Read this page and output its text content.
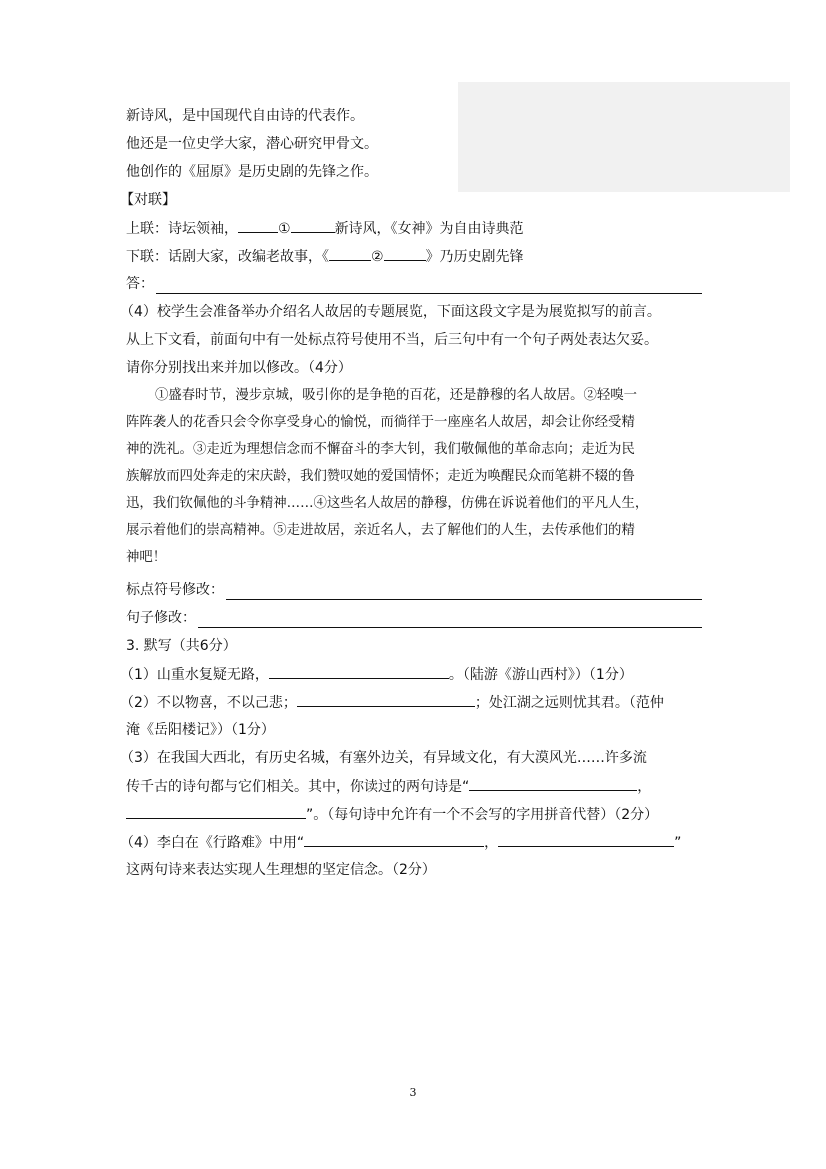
新诗风，是中国现代自由诗的代表作。
他还是一位史学大家，潜心研究甲骨文。
他创作的《屈原》是历史剧的先锋之作。
【对联】
上联：诗坛领袖，	①	新诗风，《女神》为自由诗典范
下联：话剧大家，改编老故事，《	②	》乃历史剧先锋
答：
（4）校学生会准备举办介绍名人故居的专题展览，下面这段文字是为展览拟写的前言。
从上下文看，前面句中有一处标点符号使用不当，后三句中有一个句子两处表达欠妥。
请你分别找出来并加以修改。（4分）
①盛春时节，漫步京城，吸引你的是争艳的百花，还是静穆的名人故居。②轻嗅一
阵阵袭人的花香只会令你享受身心的愉悦，而徜徉于一座座名人故居，却会让你经受精
神的洗礼。③走近为理想信念而不懈奋斗的李大钊，我们敬佩他的革命志向；走近为民
族解放而四处奔走的宋庆龄，我们赞叹她的爱国情怀；走近为唤醒民众而笔耕不辍的鲁
迅，我们钦佩他的斗争精神……④这些名人故居的静穆，仿佛在诉说着他们的平凡人生，
展示着他们的崇高精神。⑤走进故居，亲近名人，去了解他们的人生，去传承他们的精
神吧！
标点符号修改：
句子修改：
3. 默写（共6分）
（1）山重水复疑无路，	。（陆游《游山西村》）（1分）
（2）不以物喜，不以己悲；	；处江湖之远则忧其君。（范仲
淹《岳阳楼记》）（1分）
（3）在我国大西北，有历史名城，有塞外边关，有异域文化，有大漠风光……许多流
传千古的诗句都与它们相关。其中，你读过的两句诗是“	，
”。（每句诗中允许有一个不会写的字用拼音代替）（2分）
（4）李白在《行路难》中用“	，	”
这两句诗来表达实现人生理想的坚定信念。（2分）
3
